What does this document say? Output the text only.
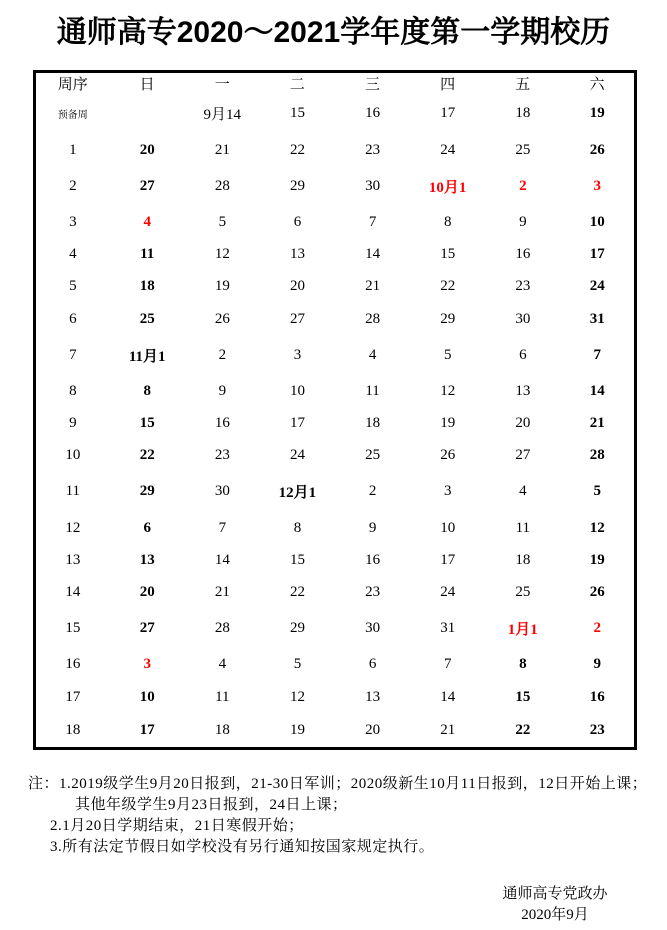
通师高专2020～2021学年度第一学期校历
周序	日	一	二	三	四	五	六
预备周		9月14	15	16	17	18	19
1	20	21	22	23	24	25	26
2	27	28	29	30	10月1	2	3
3	4	5	6	7	8	9	10
4	11	12	13	14	15	16	17
5	18	19	20	21	22	23	24
6	25	26	27	28	29	30	31
7	11月1	2	3	4	5	6	7
8	8	9	10	11	12	13	14
9	15	16	17	18	19	20	21
10	22	23	24	25	26	27	28
11	29	30	12月1	2	3	4	5
12	6	7	8	9	10	11	12
13	13	14	15	16	17	18	19
14	20	21	22	23	24	25	26
15	27	28	29	30	31	1月1	2
16	3	4	5	6	7	8	9
17	10	11	12	13	14	15	16
18	17	18	19	20	21	22	23
注：1.2019级学生9月20日报到，21-30日军训；2020级新生10月11日报到，12日开始上课；
其他年级学生9月23日报到，24日上课；
2.1月20日学期结束，21日寒假开始；
3.所有法定节假日如学校没有另行通知按国家规定执行。
通师高专党政办
2020年9月
